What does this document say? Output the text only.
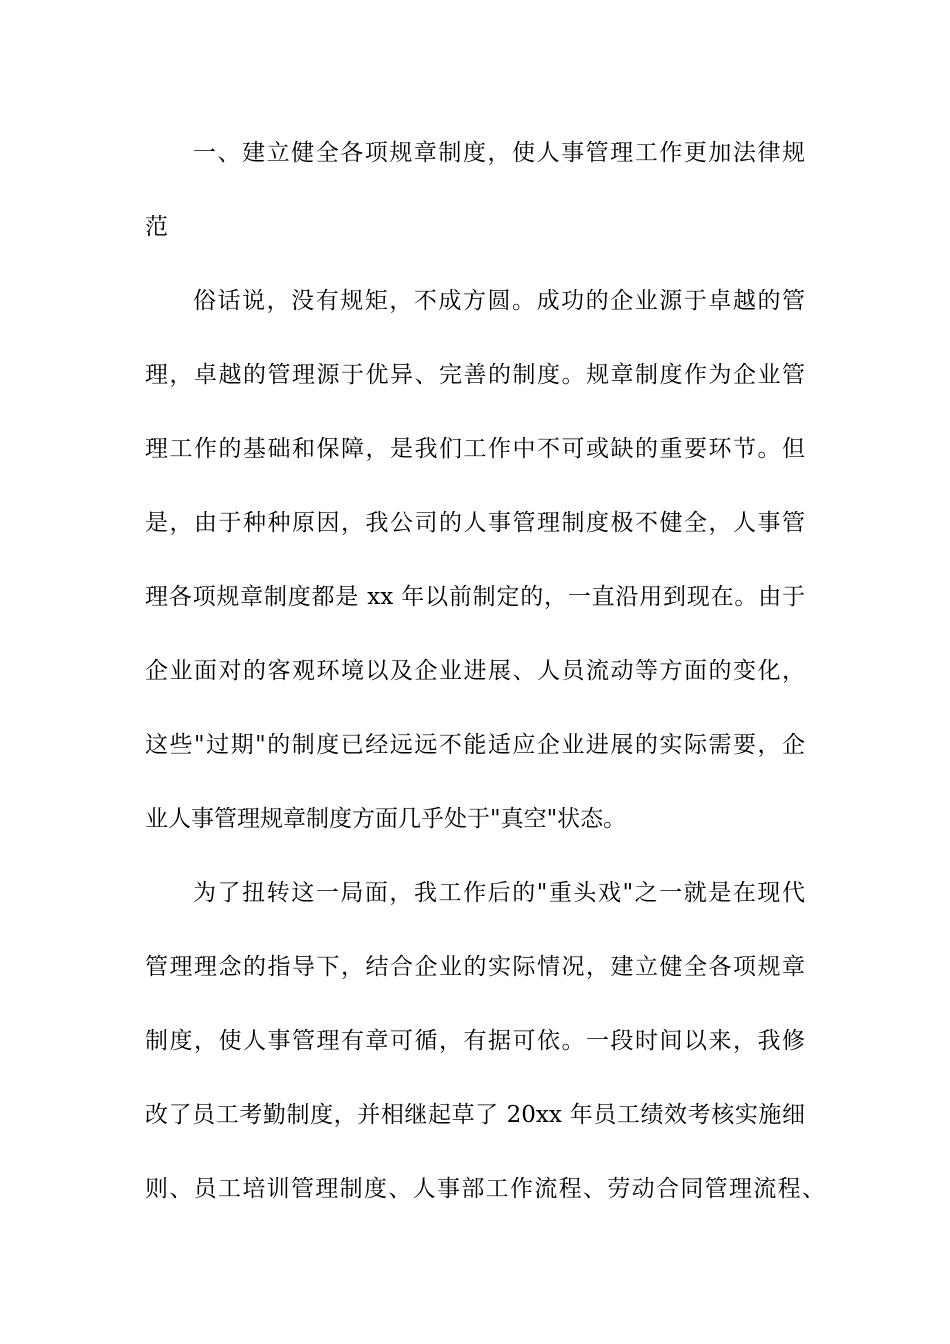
一、建立健全各项规章制度，使人事管理工作更加法律规
范
俗话说，没有规矩，不成方圆。成功的企业源于卓越的管
理，卓越的管理源于优异、完善的制度。规章制度作为企业管
理工作的基础和保障，是我们工作中不可或缺的重要环节。但
是，由于种种原因，我公司的人事管理制度极不健全，人事管
理各项规章制度都是 xx 年以前制定的，一直沿用到现在。由于
企业面对的客观环境以及企业进展、人员流动等方面的变化，
这些"过期"的制度已经远远不能适应企业进展的实际需要，企
业人事管理规章制度方面几乎处于"真空"状态。
为了扭转这一局面，我工作后的"重头戏"之一就是在现代
管理理念的指导下，结合企业的实际情况，建立健全各项规章
制度，使人事管理有章可循，有据可依。一段时间以来，我修
改了员工考勤制度，并相继起草了 20xx 年员工绩效考核实施细
则、员工培训管理制度、人事部工作流程、劳动合同管理流程、
